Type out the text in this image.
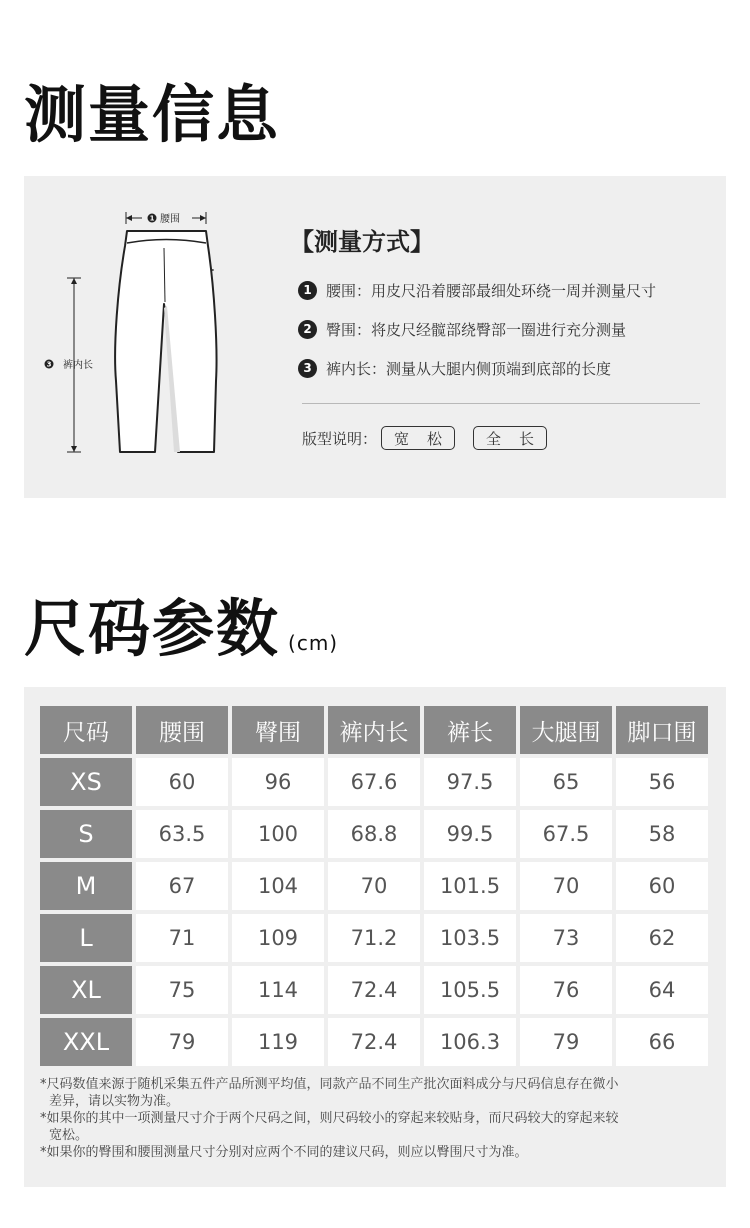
测量信息
1 腰围
3 裤内长
【测量方式】
1 腰围：用皮尺沿着腰部最细处环绕一周并测量尺寸
2 臀围：将皮尺经髋部绕臀部一圈进行充分测量
3 裤内长：测量从大腿内侧顶端到底部的长度
版型说明： 宽松 全长
尺码参数 (cm)
尺码	腰围	臀围	裤内长	裤长	大腿围	脚口围
XS	60	96	67.6	97.5	65	56
S	63.5	100	68.8	99.5	67.5	58
M	67	104	70	101.5	70	60
L	71	109	71.2	103.5	73	62
XL	75	114	72.4	105.5	76	64
XXL	79	119	72.4	106.3	79	66
*尺码数值来源于随机采集五件产品所测平均值，同款产品不同生产批次面料成分与尺码信息存在微小
差异，请以实物为准。
*如果你的其中一项测量尺寸介于两个尺码之间，则尺码较小的穿起来较贴身，而尺码较大的穿起来较
宽松。
*如果你的臀围和腰围测量尺寸分别对应两个不同的建议尺码，则应以臀围尺寸为准。
